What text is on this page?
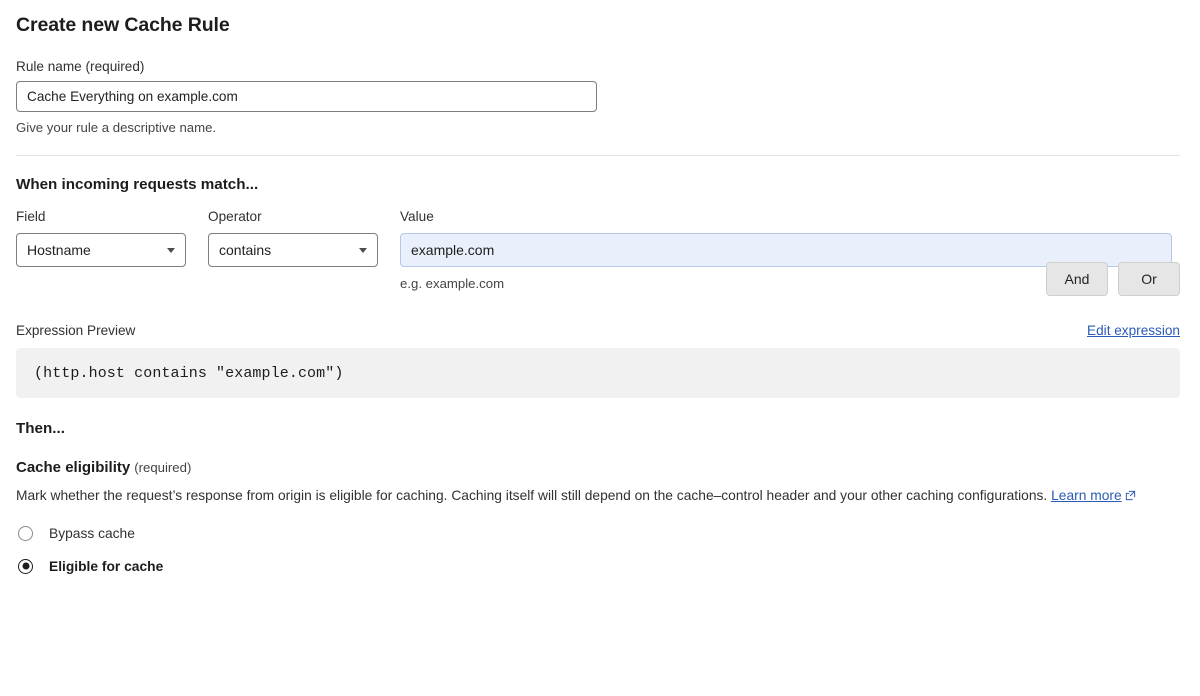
Create new Cache Rule
Rule name (required)
Cache Everything on example.com
Give your rule a descriptive name.
When incoming requests match...
Field
Hostname
Operator
contains
Value
example.com
e.g. example.com	And	Or
Expression Preview	Edit expression
(http.host contains "example.com")
Then...
Cache eligibility (required)
Mark whether the request’s response from origin is eligible for caching. Caching itself will still depend on the cache–control header and your other caching configurations. Learn more
Bypass cache
Eligible for cache
